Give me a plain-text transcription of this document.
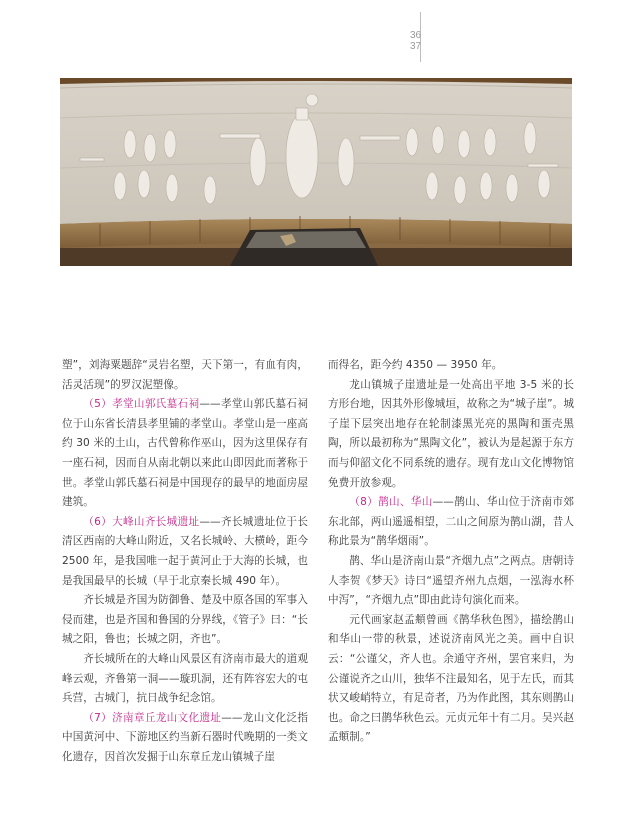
36
37

塑”，刘海粟题辞“灵岩名塑，天下第一，有血有肉，活灵活现”的罗汉泥塑像。

（5）孝堂山郭氏墓石祠——孝堂山郭氏墓石祠位于山东省长清县孝里铺的孝堂山。孝堂山是一座高约 30 米的土山，古代曾称作巫山，因为这里保存有一座石祠，因而自从南北朝以来此山即因此而著称于世。孝堂山郭氏墓石祠是中国现存的最早的地面房屋建筑。

（6）大峰山齐长城遗址——齐长城遗址位于长清区西南的大峰山附近，又名长城岭、大横岭，距今 2500 年，是我国唯一起于黄河止于大海的长城，也是我国最早的长城（早于北京秦长城 490 年）。

齐长城是齐国为防御鲁、楚及中原各国的军事入侵而建，也是齐国和鲁国的分界线，《管子》曰：“长城之阳，鲁也；长城之阴，齐也”。

齐长城所在的大峰山风景区有济南市最大的道观峰云观，齐鲁第一洞——璇玑洞，还有阵容宏大的屯兵营，古城门，抗日战争纪念馆。

（7）济南章丘龙山文化遗址——龙山文化泛指中国黄河中、下游地区约当新石器时代晚期的一类文化遗存，因首次发掘于山东章丘龙山镇城子崖

而得名，距今约 4350 — 3950 年。

龙山镇城子崖遗址是一处高出平地 3-5 米的长方形台地，因其外形像城垣，故称之为“城子崖”。城子崖下层突出地存在轮制漆黑光亮的黑陶和蛋壳黑陶，所以最初称为“黑陶文化”，被认为是起源于东方而与仰韶文化不同系统的遗存。现有龙山文化博物馆免费开放参观。

（8）鹊山、华山——鹊山、华山位于济南市郊东北部，两山遥遥相望，二山之间原为鹊山湖，昔人称此景为“鹊华烟雨”。

鹊、华山是济南山景“齐烟九点”之两点。唐朝诗人李贺《梦天》诗曰“遥望齐州九点烟，一泓海水杯中泻”，“齐烟九点”即由此诗句演化而来。

元代画家赵孟頫曾画《鹊华秋色图》，描绘鹊山和华山一带的秋景，述说济南风光之美。画中自识云：“公谨父，齐人也。余通守齐州，罢官来归，为公谨说齐之山川，独华不注最知名，见于左氏，而其状又峻峭特立，有足奇者，乃为作此图，其东则鹊山也。命之曰鹊华秋色云。元贞元年十有二月。吴兴赵孟頫制。”
